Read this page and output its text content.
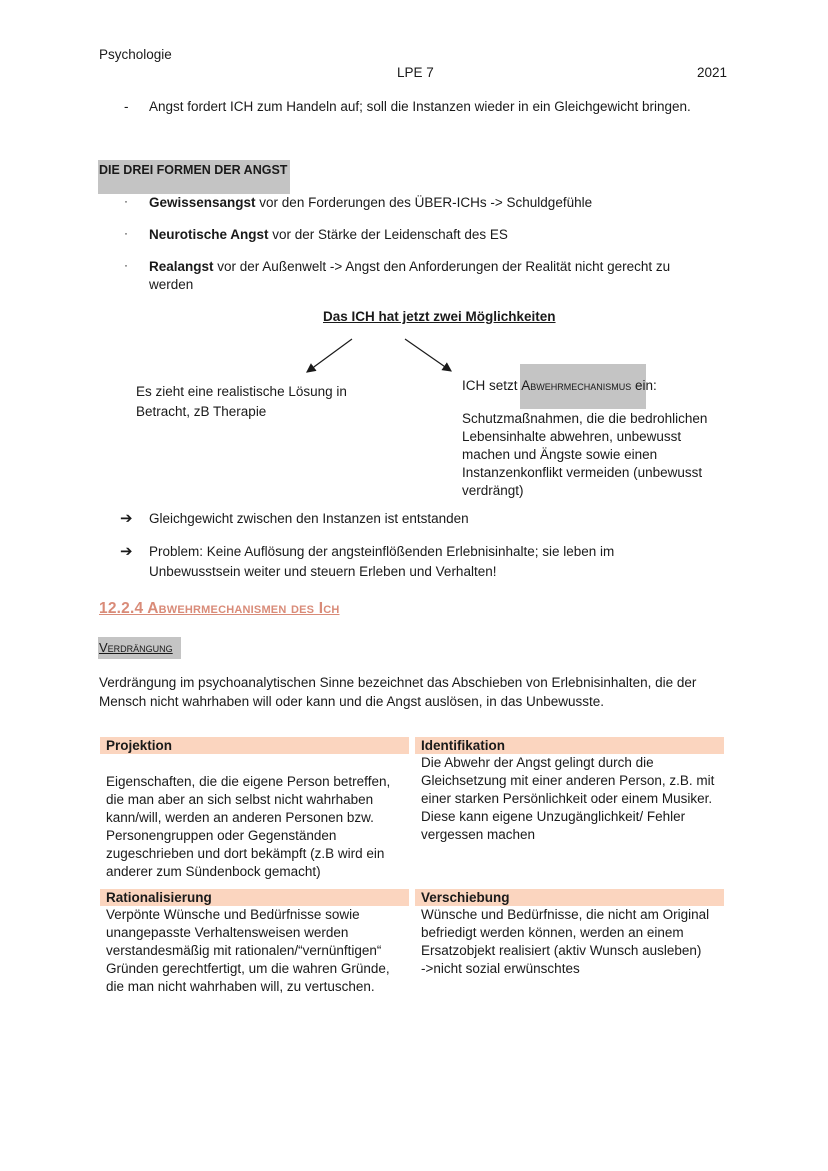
Psychologie
LPE 7	2021
- Angst fordert ICH zum Handeln auf; soll die Instanzen wieder in ein Gleichgewicht bringen.
DIE DREI FORMEN DER ANGST
· Gewissensangst vor den Forderungen des ÜBER-ICHs -> Schuldgefühle
· Neurotische Angst vor der Stärke der Leidenschaft des ES
· Realangst vor der Außenwelt -> Angst den Anforderungen der Realität nicht gerecht zu
werden
Das ICH hat jetzt zwei Möglichkeiten
Es zieht eine realistische Lösung in
Betracht, zB Therapie
ICH setzt Abwehrmechanismus ein:
Schutzmaßnahmen, die die bedrohlichen
Lebensinhalte abwehren, unbewusst
machen und Ängste sowie einen
Instanzenkonflikt vermeiden (unbewusst
verdrängt)
➔ Gleichgewicht zwischen den Instanzen ist entstanden
➔ Problem: Keine Auflösung der angsteinflößenden Erlebnisinhalte; sie leben im
Unbewusstsein weiter und steuern Erleben und Verhalten!
12.2.4 Abwehrmechanismen des Ich
Verdrängung
Verdrängung im psychoanalytischen Sinne bezeichnet das Abschieben von Erlebnisinhalten, die der
Mensch nicht wahrhaben will oder kann und die Angst auslösen, in das Unbewusste.
Projektion
Eigenschaften, die die eigene Person betreffen,
die man aber an sich selbst nicht wahrhaben
kann/will, werden an anderen Personen bzw.
Personengruppen oder Gegenständen
zugeschrieben und dort bekämpft (z.B wird ein
anderer zum Sündenbock gemacht)
Identifikation
Die Abwehr der Angst gelingt durch die
Gleichsetzung mit einer anderen Person, z.B. mit
einer starken Persönlichkeit oder einem Musiker.
Diese kann eigene Unzugänglichkeit/ Fehler
vergessen machen
Rationalisierung
Verpönte Wünsche und Bedürfnisse sowie
unangepasste Verhaltensweisen werden
verstandesmäßig mit rationalen/“vernünftigen“
Gründen gerechtfertigt, um die wahren Gründe,
die man nicht wahrhaben will, zu vertuschen.
Verschiebung
Wünsche und Bedürfnisse, die nicht am Original
befriedigt werden können, werden an einem
Ersatzobjekt realisiert (aktiv Wunsch ausleben)
->nicht sozial erwünschtes
